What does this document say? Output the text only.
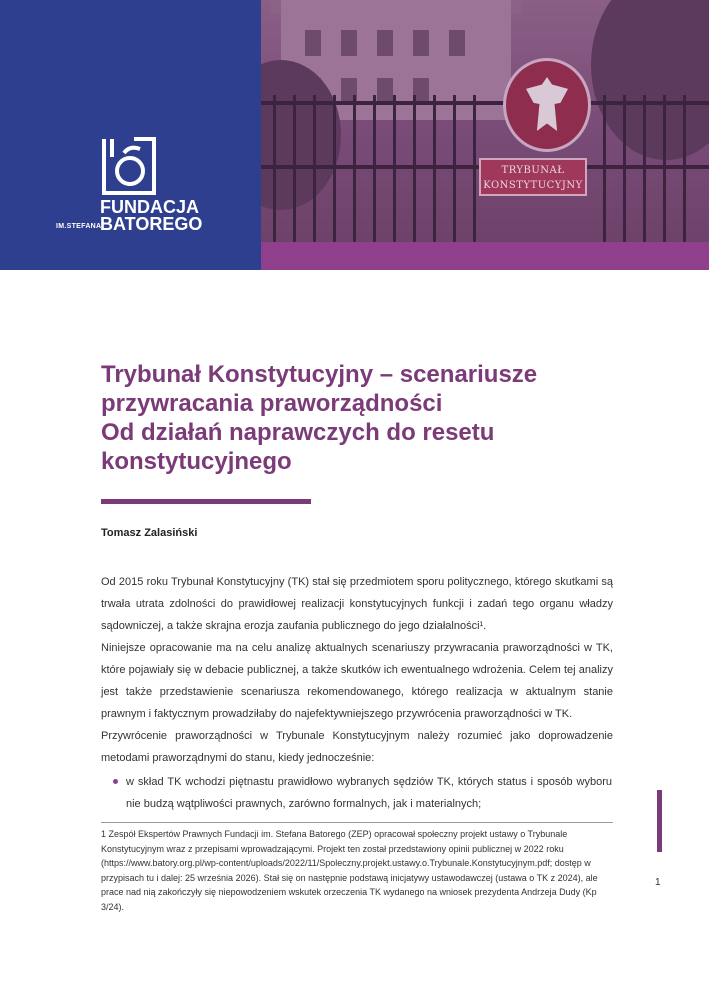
FUNDACJA
BATOREGO
IM.STEFANA
TRYBUNAŁ
KONSTYTUCYJNY
Trybunał Konstytucyjny – scenariusze
przywracania praworządności
Od działań naprawczych do resetu
konstytucyjnego
Tomasz Zalasiński

Od 2015 roku Trybunał Konstytucyjny (TK) stał się przedmiotem sporu politycznego, którego skutkami są trwała utrata zdolności do prawidłowej realizacji konstytucyjnych funkcji i zadań tego organu władzy sądowniczej, a także skrajna erozja zaufania publicznego do jego działalności¹.

Niniejsze opracowanie ma na celu analizę aktualnych scenariuszy przywracania praworządności w TK, które pojawiały się w debacie publicznej, a także skutków ich ewentualnego wdrożenia. Celem tej analizy jest także przedstawienie scenariusza rekomendowanego, którego realizacja w aktualnym stanie prawnym i faktycznym prowadziłaby do najefektywniejszego przywrócenia praworządności w TK.

Przywrócenie praworządności w Trybunale Konstytucyjnym należy rozumieć jako doprowadzenie metodami praworządnymi do stanu, kiedy jednocześnie:

w skład TK wchodzi piętnastu prawidłowo wybranych sędziów TK, których status i sposób wyboru nie budzą wątpliwości prawnych, zarówno formalnych, jak i materialnych;

1 Zespół Ekspertów Prawnych Fundacji im. Stefana Batorego (ZEP) opracował społeczny projekt ustawy o Trybunale Konstytucyjnym wraz z przepisami wprowadzającymi. Projekt ten został przedstawiony opinii publicznej w 2022 roku (https://www.batory.org.pl/wp-content/uploads/2022/11/Spoleczny.projekt.ustawy.o.Trybunale.Konstytucyjnym.pdf; dostęp w przypisach tu i dalej: 25 września 2026). Stał się on następnie podstawą inicjatywy ustawodawczej (ustawa o TK z 2024), ale prace nad nią zakończyły się niepowodzeniem wskutek orzeczenia TK wydanego na wniosek prezydenta Andrzeja Dudy (Kp 3/24).

1
